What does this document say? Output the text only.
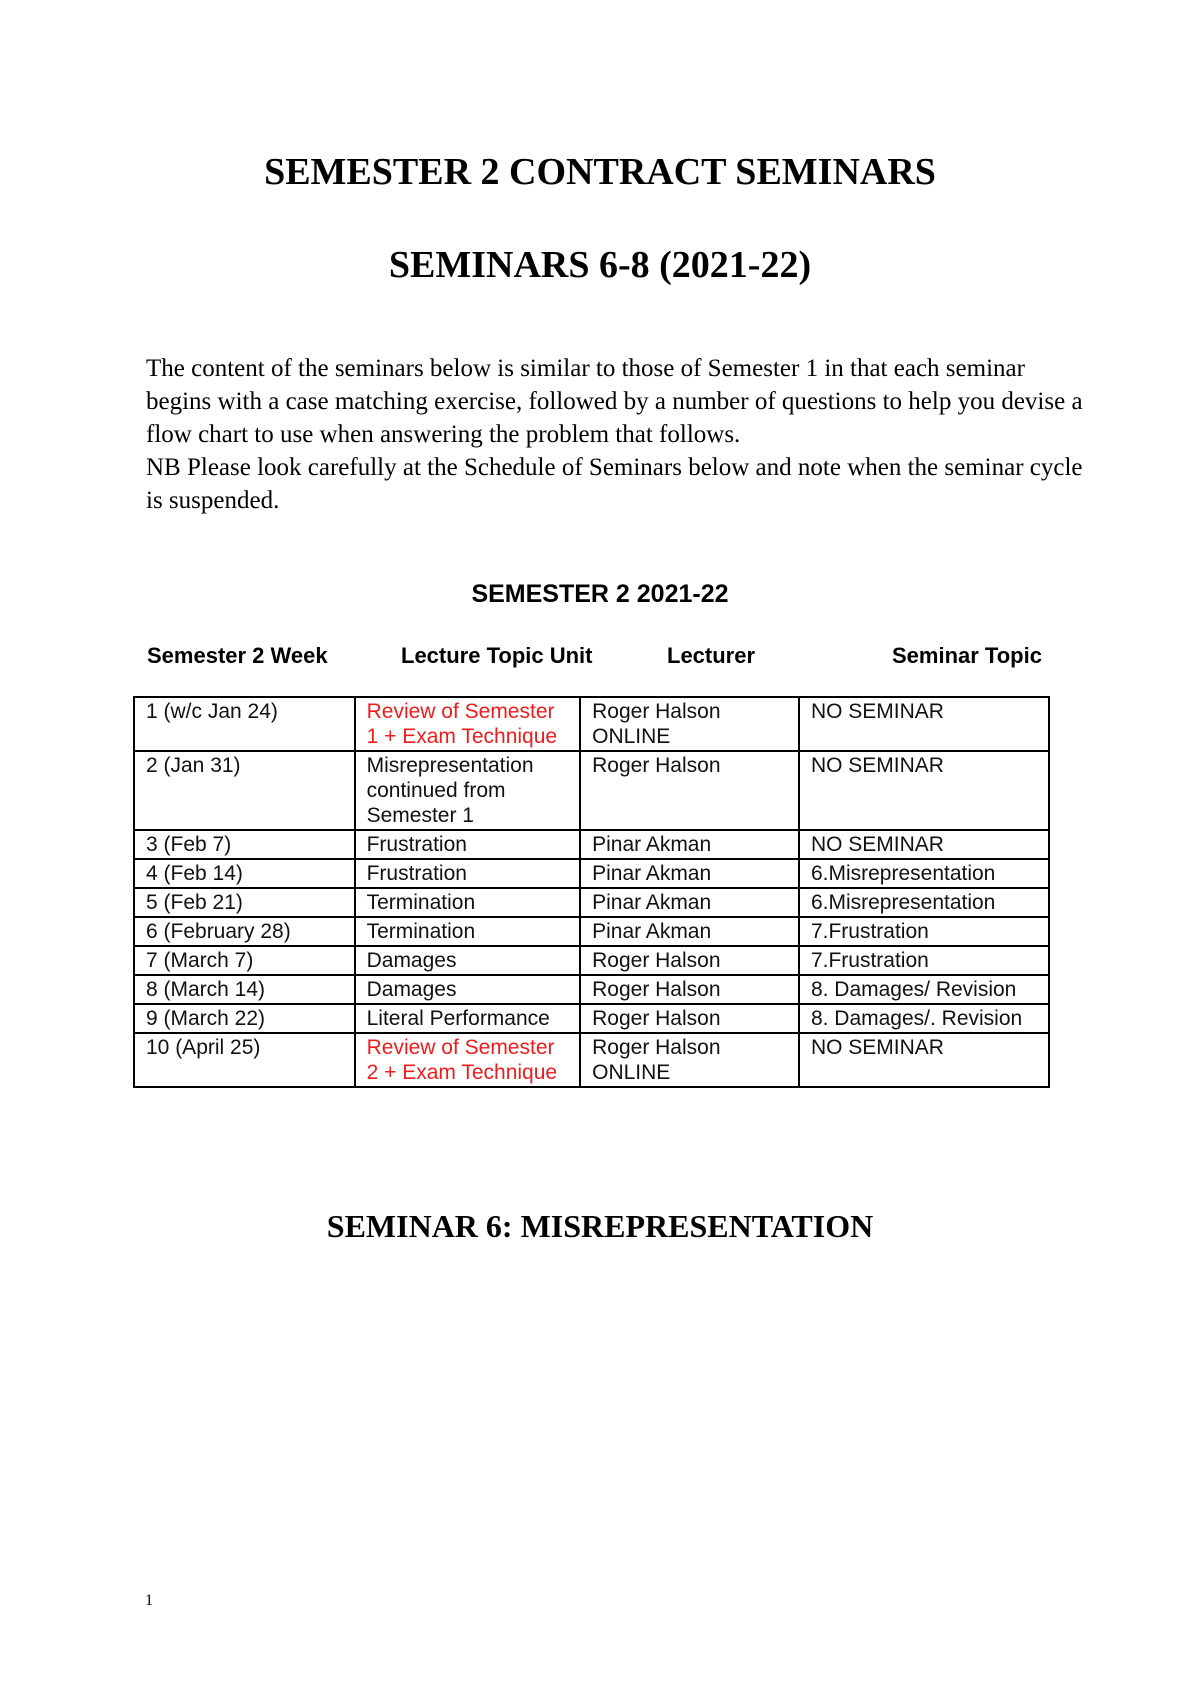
SEMESTER 2 CONTRACT SEMINARS
SEMINARS 6-8 (2021-22)

The content of the seminars below is similar to those of Semester 1 in that each seminar begins with a case matching exercise, followed by a number of questions to help you devise a flow chart to use when answering the problem that follows.

NB Please look carefully at the Schedule of Seminars below and note when the seminar cycle is suspended.

SEMESTER 2 2021-22
Semester 2 Week	Lecture Topic Unit	Lecturer	Seminar Topic
1 (w/c Jan 24)	Review of Semester 1 + Exam Technique	Roger Halson ONLINE	NO SEMINAR
2 (Jan 31)	Misrepresentation continued from Semester 1	Roger Halson	NO SEMINAR
3 (Feb 7)	Frustration	Pinar Akman	NO SEMINAR
4 (Feb 14)	Frustration	Pinar Akman	6.Misrepresentation
5 (Feb 21)	Termination	Pinar Akman	6.Misrepresentation
6 (February 28)	Termination	Pinar Akman	7.Frustration
7 (March 7)	Damages	Roger Halson	7.Frustration
8 (March 14)	Damages	Roger Halson	8. Damages/ Revision
9 (March 22)	Literal Performance	Roger Halson	8. Damages/. Revision
10 (April 25)	Review of Semester 2 + Exam Technique	Roger Halson ONLINE	NO SEMINAR
SEMINAR 6: MISREPRESENTATION
1
